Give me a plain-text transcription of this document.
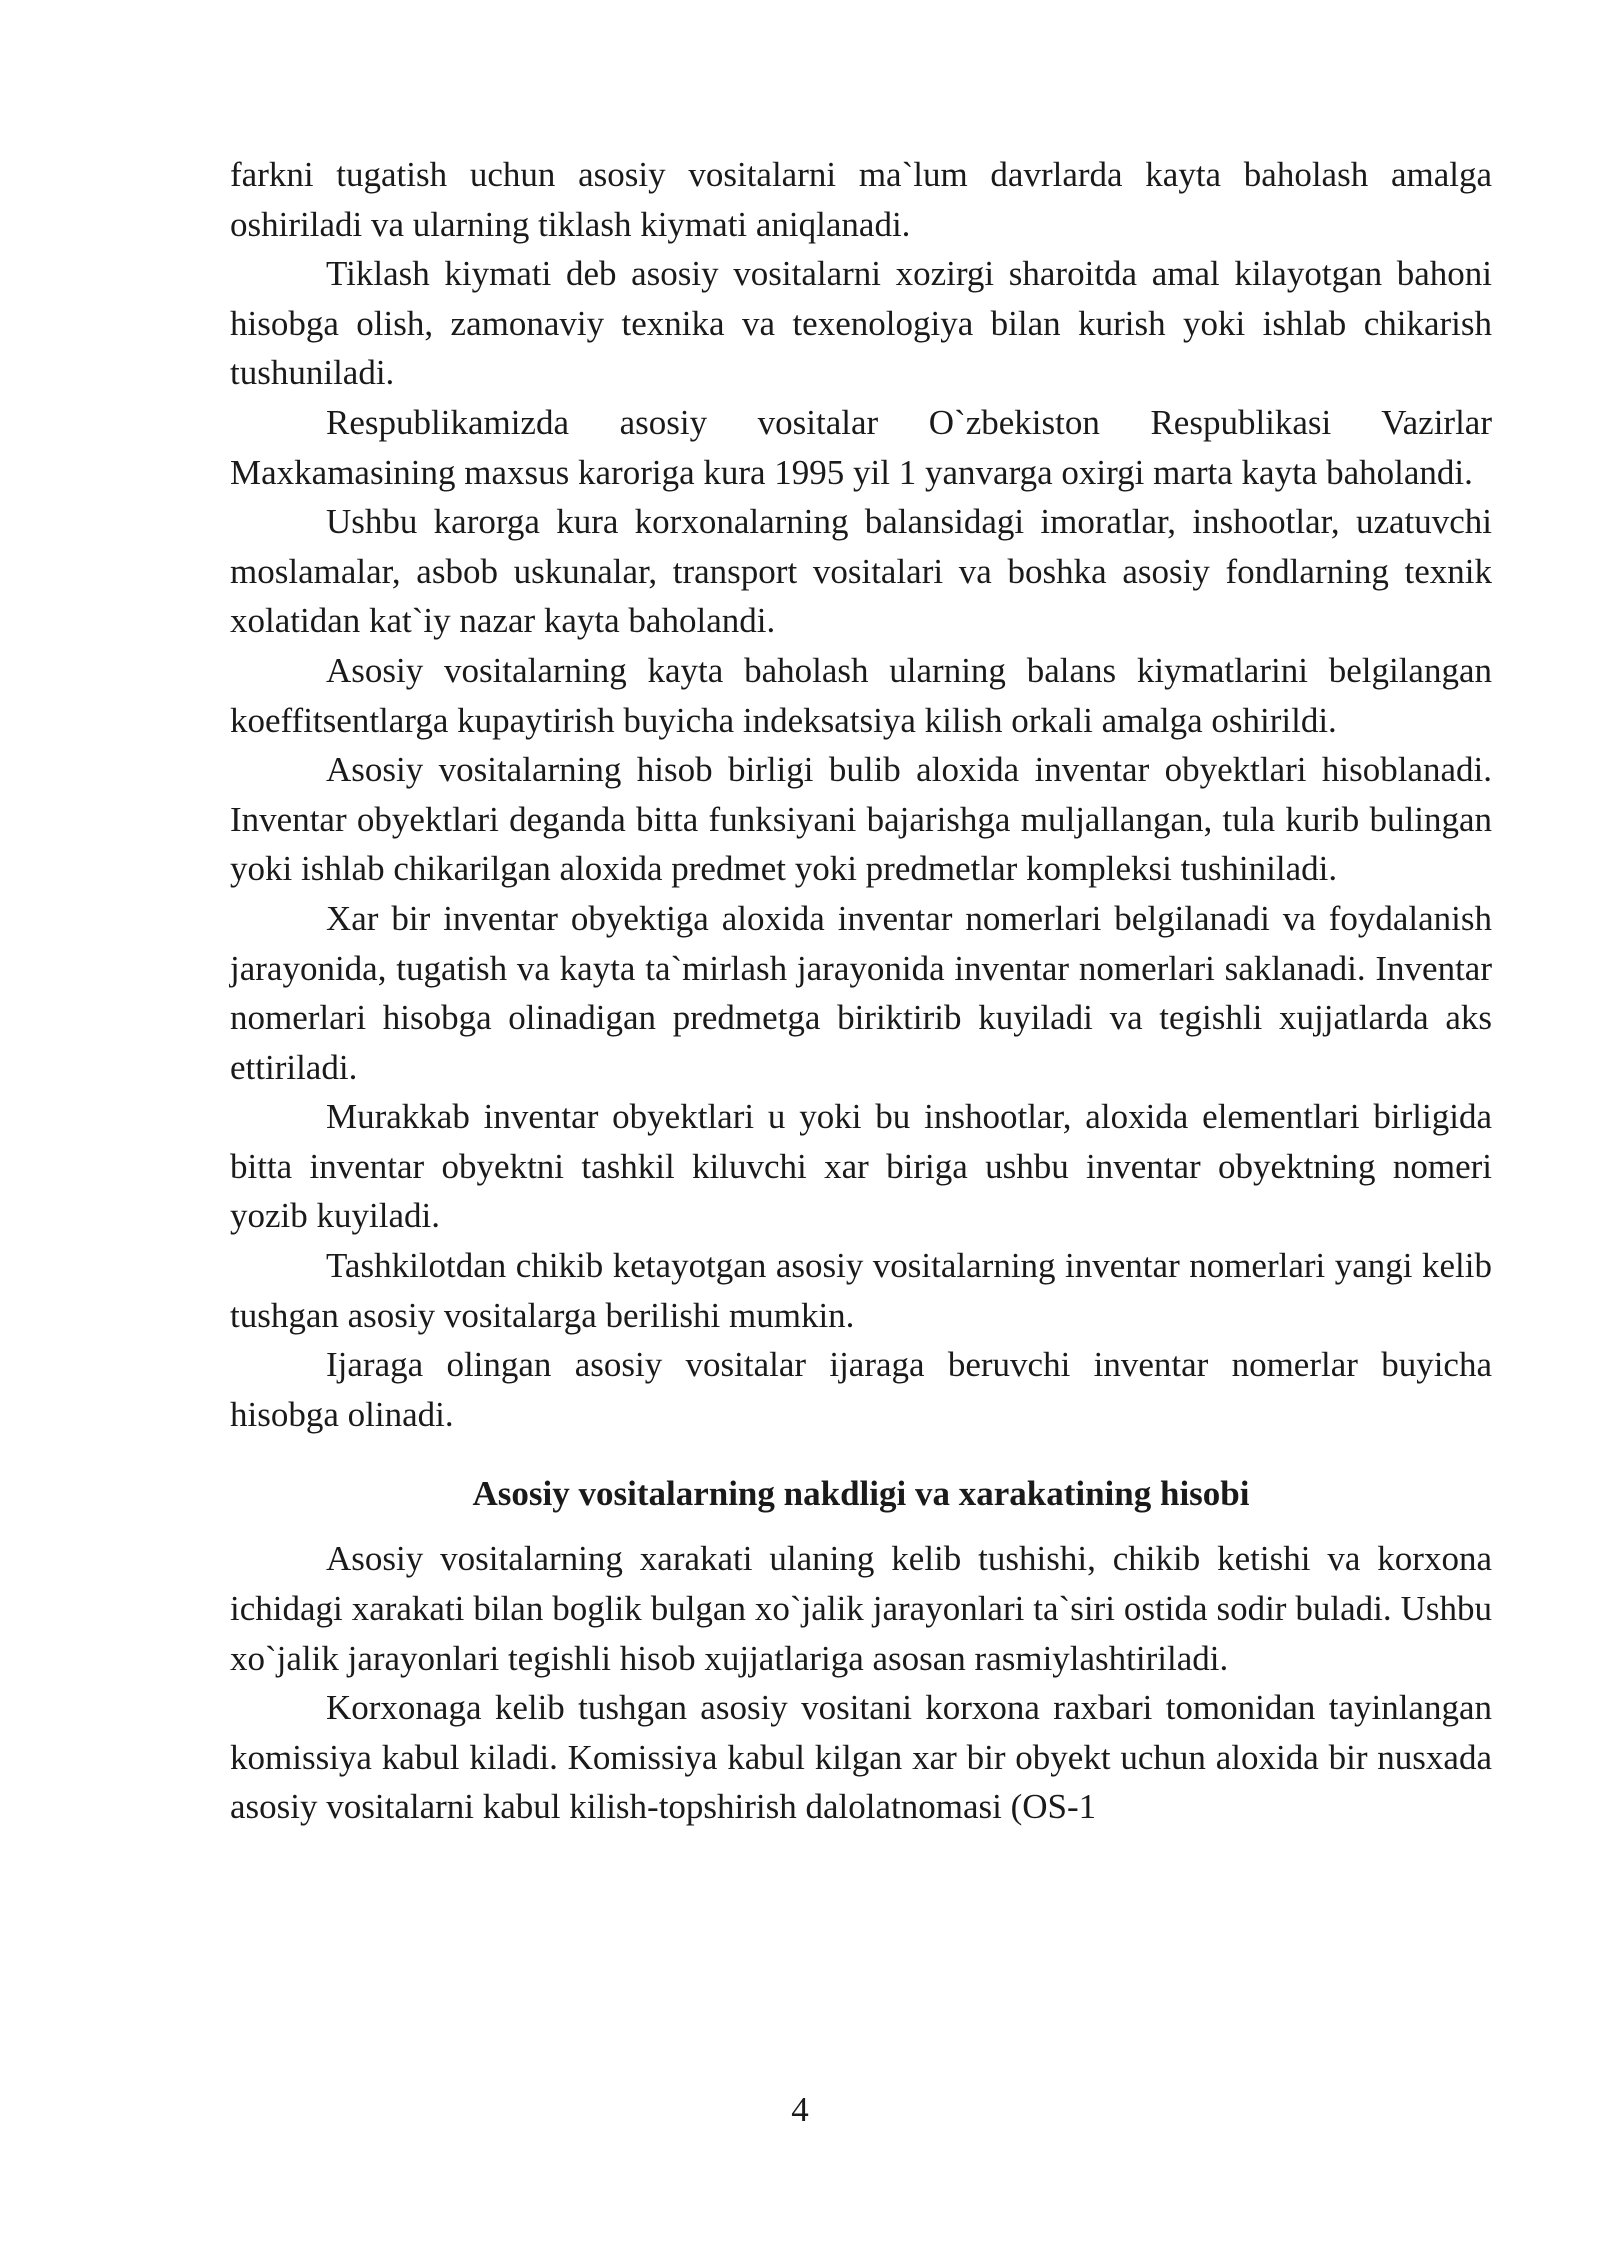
farkni tugatish uchun asosiy vositalarni ma`lum davrlarda kayta baholash amalga oshiriladi va ularning tiklash kiymati aniqlanadi.

Tiklash kiymati deb asosiy vositalarni xozirgi sharoitda amal kilayotgan bahoni hisobga olish, zamonaviy texnika va texenologiya bilan kurish yoki ishlab chikarish tushuniladi.

Respublikamizda asosiy vositalar O`zbekiston Respublikasi Vazirlar Maxkamasining maxsus karoriga kura 1995 yil 1 yanvarga oxirgi marta kayta baholandi.

Ushbu karorga kura korxonalarning balansidagi imoratlar, inshootlar, uzatuvchi moslamalar, asbob uskunalar, transport vositalari va boshka asosiy fondlarning texnik xolatidan kat`iy nazar kayta baholandi.

Asosiy vositalarning kayta baholash ularning balans kiymatlarini belgilangan koeffitsentlarga kupaytirish buyicha indeksatsiya kilish orkali amalga oshirildi.

Asosiy vositalarning hisob birligi bulib aloxida inventar obyektlari hisoblanadi. Inventar obyektlari deganda bitta funksiyani bajarishga muljallangan, tula kurib bulingan yoki ishlab chikarilgan aloxida predmet yoki predmetlar kompleksi tushiniladi.

Xar bir inventar obyektiga aloxida inventar nomerlari belgilanadi va foydalanish jarayonida, tugatish va kayta ta`mirlash jarayonida inventar nomerlari saklanadi. Inventar nomerlari hisobga olinadigan predmetga biriktirib kuyiladi va tegishli xujjatlarda aks ettiriladi.

Murakkab inventar obyektlari u yoki bu inshootlar, aloxida elementlari birligida bitta inventar obyektni tashkil kiluvchi xar biriga ushbu inventar obyektning nomeri yozib kuyiladi.

Tashkilotdan chikib ketayotgan asosiy vositalarning inventar nomerlari yangi kelib tushgan asosiy vositalarga berilishi mumkin.

Ijaraga olingan asosiy vositalar ijaraga beruvchi inventar nomerlar buyicha hisobga olinadi.

Asosiy vositalarning nakdligi va xarakatining hisobi

Asosiy vositalarning xarakati ulaning kelib tushishi, chikib ketishi va korxona ichidagi xarakati bilan boglik bulgan xo`jalik jarayonlari ta`siri ostida sodir buladi. Ushbu xo`jalik jarayonlari tegishli hisob xujjatlariga asosan rasmiylashtiriladi.

Korxonaga kelib tushgan asosiy vositani korxona raxbari tomonidan tayinlangan komissiya kabul kiladi. Komissiya kabul kilgan xar bir obyekt uchun aloxida bir nusxada asosiy vositalarni kabul kilish-topshirish dalolatnomasi (OS-1

4
